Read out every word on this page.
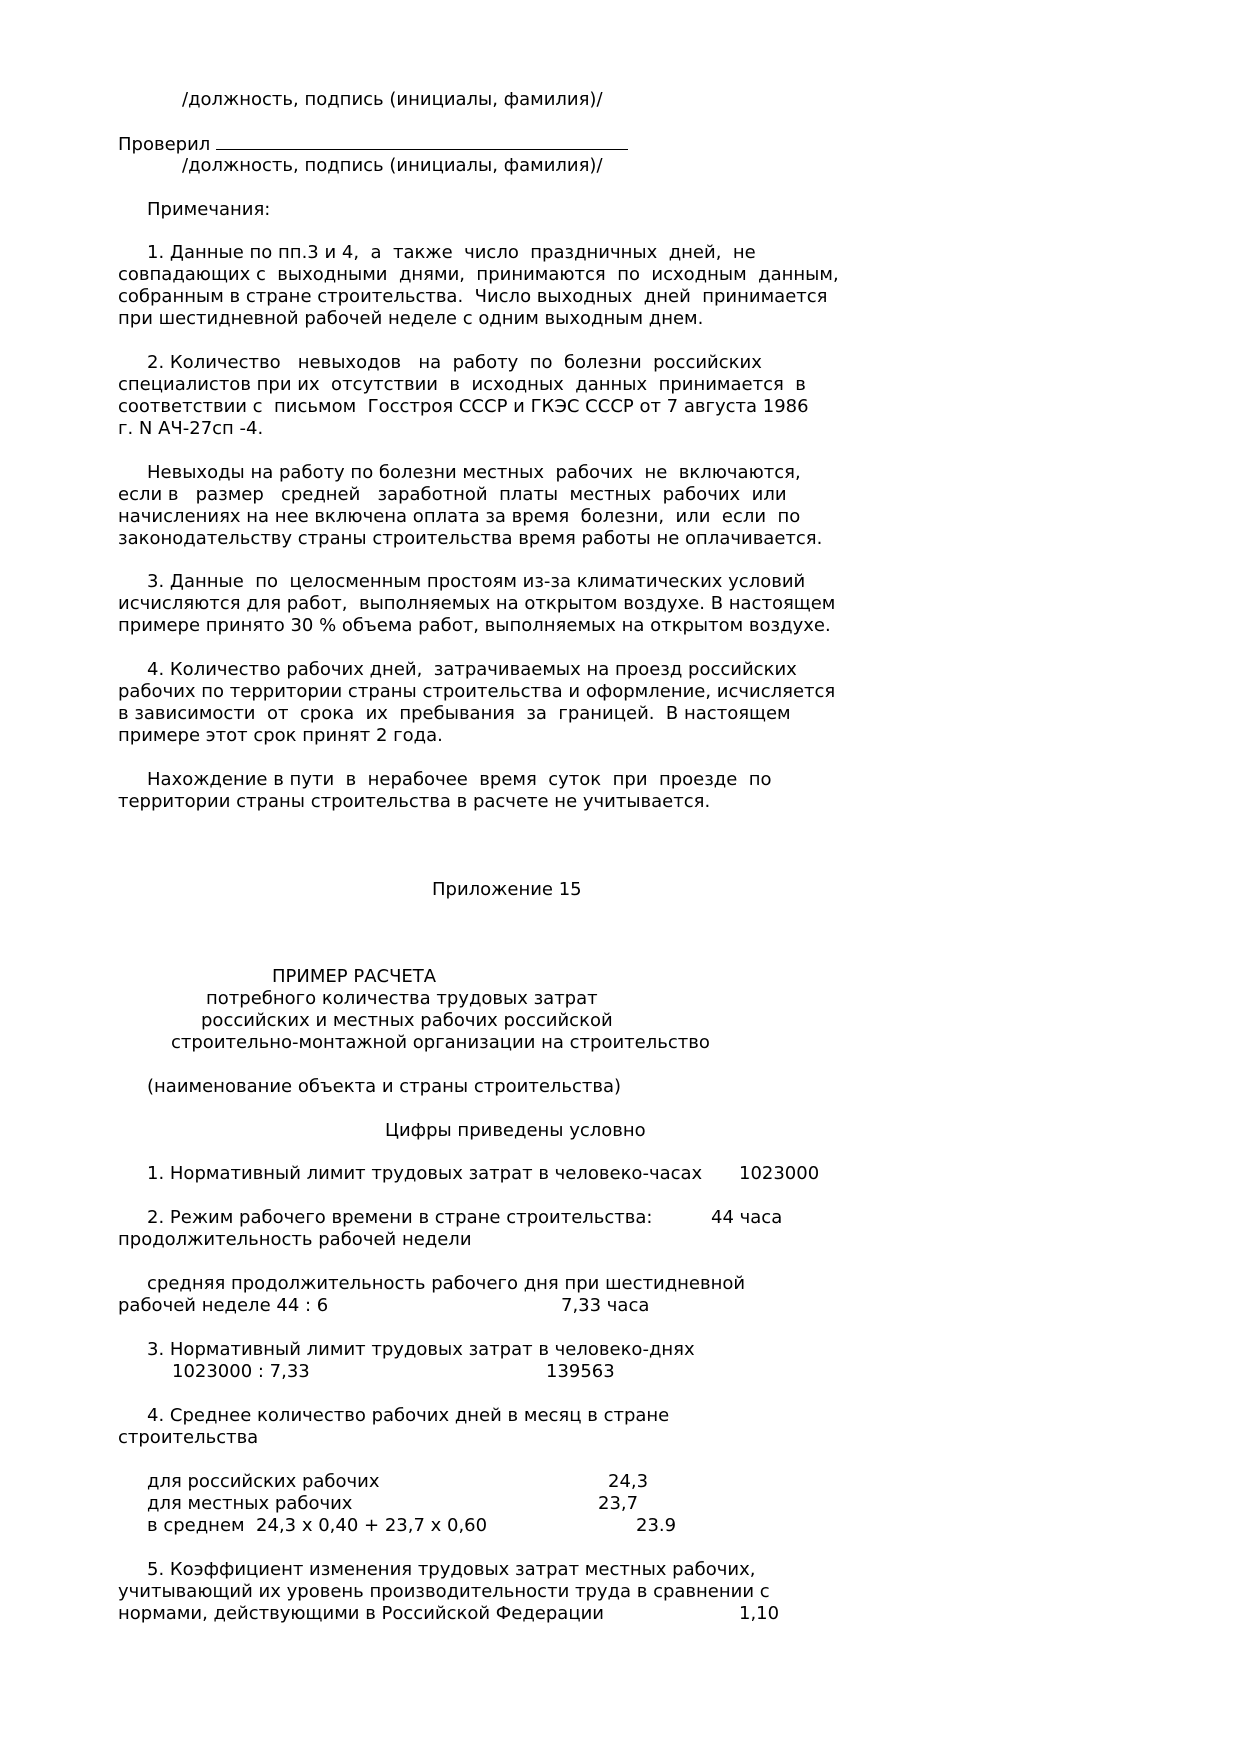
/должность, подпись (инициалы, фамилия)/
Проверил
/должность, подпись (инициалы, фамилия)/
Примечания:
1. Данные по пп.3 и 4,  а  также  число  праздничных  дней,  не
совпадающих с  выходными  днями,  принимаются  по  исходным  данным,
собранным в стране строительства.  Число выходных  дней  принимается
при шестидневной рабочей неделе с одним выходным днем.
2. Количество   невыходов   на  работу  по  болезни  российских
специалистов при их  отсутствии  в  исходных  данных  принимается  в
соответствии с  письмом  Госстроя СССР и ГКЭС СССР от 7 августа 1986
г. N АЧ-27сп -4.
Невыходы на работу по болезни местных  рабочих  не  включаются,
если в   размер   средней   заработной  платы  местных  рабочих  или
начислениях на нее включена оплата за время  болезни,  или  если  по
законодательству страны строительства время работы не оплачивается.
3. Данные  по  целосменным простоям из-за климатических условий
исчисляются для работ,  выполняемых на открытом воздухе. В настоящем
примере принято 30 % объема работ, выполняемых на открытом воздухе.
4. Количество рабочих дней,  затрачиваемых на проезд российских
рабочих по территории страны строительства и оформление, исчисляется
в зависимости  от  срока  их  пребывания  за  границей.  В настоящем
примере этот срок принят 2 года.
Нахождение в пути  в  нерабочее  время  суток  при  проезде  по
территории страны строительства в расчете не учитывается.
Приложение 15
ПРИМЕР РАСЧЕТА
потребного количества трудовых затрат
российских и местных рабочих российской
строительно-монтажной организации на строительство
(наименование объекта и страны строительства)
Цифры приведены условно
1. Нормативный лимит трудовых затрат в человеко-часах 1023000
2. Режим рабочего времени в стране строительства:	44 часа
продолжительность рабочей недели
средняя продолжительность рабочего дня при шестидневной
рабочей неделе 44 : 6	7,33 часа
3. Нормативный лимит трудовых затрат в человеко-днях
1023000 : 7,33	139563
4. Среднее количество рабочих дней в месяц в стране
строительства
для российских рабочих	24,3
для местных рабочих	23,7
в среднем  24,3 х 0,40 + 23,7 х 0,60	23.9
5. Коэффициент изменения трудовых затрат местных рабочих,
учитывающий их уровень производительности труда в сравнении с
нормами, действующими в Российской Федерации	1,10
